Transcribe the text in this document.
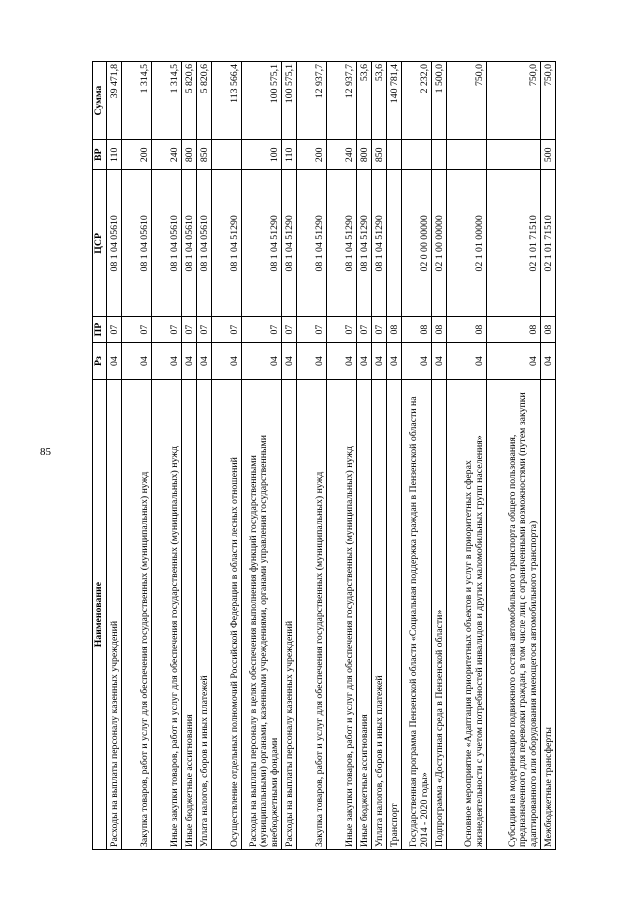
85
Наименование	Рз	ПР	ЦСР	ВР	Сумма
Расходы на выплаты персоналу казенных учреждений	04	07	08 1 04 05610	110	39 471,8
Закупка товаров, работ и услуг для обеспечения государственных (муниципальных) нужд	04	07	08 1 04 05610	200	1 314,5
Иные закупки товаров, работ и услуг для обеспечения государственных (муниципальных) нужд	04	07	08 1 04 05610	240	1 314,5
Иные бюджетные ассигнования	04	07	08 1 04 05610	800	5 820,6
Уплата налогов, сборов и иных платежей	04	07	08 1 04 05610	850	5 820,6
Осуществление отдельных полномочий Российской Федерации в области лесных отношений	04	07	08 1 04 51290		113 566,4
Расходы на выплаты персоналу в целях обеспечения выполнения функций государственными (муниципальными) органами, казенными учреждениями, органами управления государственными внебюджетными фондами	04	07	08 1 04 51290	100	100 575,1
Расходы на выплаты персоналу казенных учреждений	04	07	08 1 04 51290	110	100 575,1
Закупка товаров, работ и услуг для обеспечения государственных (муниципальных) нужд	04	07	08 1 04 51290	200	12 937,7
Иные закупки товаров, работ и услуг для обеспечения государственных (муниципальных) нужд	04	07	08 1 04 51290	240	12 937,7
Иные бюджетные ассигнования	04	07	08 1 04 51290	800	53,6
Уплата налогов, сборов и иных платежей	04	07	08 1 04 51290	850	53,6
Транспорт	04	08			140 781,4
Государственная программа Пензенской области «Социальная поддержка граждан в Пензенской области на 2014 - 2020 годы»	04	08	02 0 00 00000		2 232,0
Подпрограмма «Доступная среда в Пензенской области»	04	08	02 1 00 00000		1 500,0
Основное мероприятие «Адаптация приоритетных объектов и услуг в приоритетных сферах жизнедеятельности с учетом потребностей инвалидов и других маломобильных групп населения»	04	08	02 1 01 00000		750,0
Субсидии на модернизацию подвижного состава автомобильного транспорта общего пользования, предназначенного для перевозки граждан, в том числе лиц с ограниченными возможностями (путем закупки адаптированного или оборудования имеющегося автомобильного транспорта)	04	08	02 1 01 71510		750,0
Межбюджетные трансферты	04	08	02 1 01 71510	500	750,0
